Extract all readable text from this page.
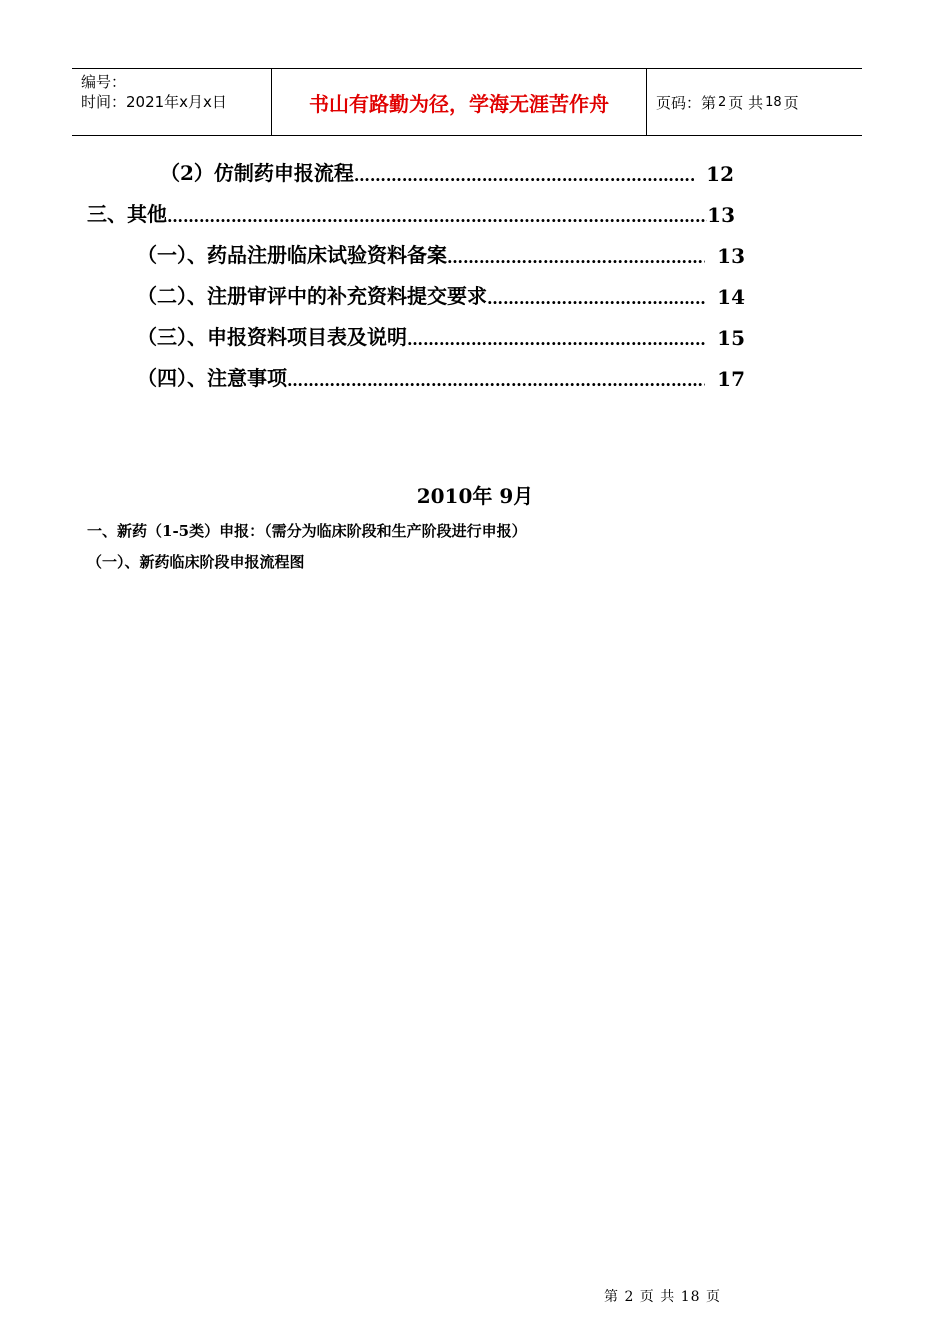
编号：
时间：2021年x月x日	书山有路勤为径，学海无涯苦作舟	页码：第 2 页 共 18 页
（2）仿制药申报流程 …………………………………………………………………………………………………………………………………………	12
三、其他 …………………………………………………………………………………………………………………………………………	13
（一）、药品注册临床试验资料备案 …………………………………………………………………………………………………………………………………………	13
（二）、注册审评中的补充资料提交要求 …………………………………………………………………………………………………………………………………………	14
（三）、申报资料项目表及说明 …………………………………………………………………………………………………………………………………………	15
（四）、注意事项 …………………………………………………………………………………………………………………………………………	17
2010年 9月
一、新药（1-5类）申报：（需分为临床阶段和生产阶段进行申报）
（一）、新药临床阶段申报流程图
第 2 页 共 18 页
